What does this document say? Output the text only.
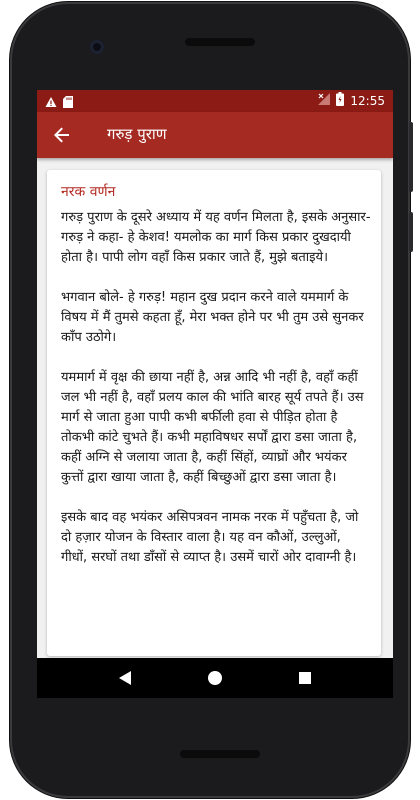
12:55
गरुड़ पुराण
नरक वर्णन

गरुड़ पुराण के दूसरे अध्याय में यह वर्णन मिलता है, इसके अनुसार-गरुड़ ने कहा- हे केशव! यमलोक का मार्ग किस प्रकार दुखदायी होता है। पापी लोग वहाँ किस प्रकार जाते हैं, मुझे बताइये।

भगवान बोले- हे गरुड़! महान दुख प्रदान करने वाले यममार्ग के विषय में मैं तुमसे कहता हूँ, मेरा भक्त होने पर भी तुम उसे सुनकर काँप उठोगे।

यममार्ग में वृक्ष की छाया नहीं है, अन्न आदि भी नहीं है, वहाँ कहीं जल भी नहीं है, वहाँ प्रलय काल की भांति बारह सूर्य तपते हैं। उस मार्ग से जाता हुआ पापी कभी बर्फीली हवा से पीड़ित होता है तोकभी कांटे चुभते हैं। कभी महाविषधर सर्पों द्वारा डसा जाता है, कहीं अग्नि से जलाया जाता है, कहीं सिंहों, व्याघ्रों और भयंकर कुत्तों द्वारा खाया जाता है, कहीं बिच्छुओं द्वारा डसा जाता है।

इसके बाद वह भयंकर असिपत्रवन नामक नरक में पहुँचता है, जो दो हज़ार योजन के विस्तार वाला है। यह वन कौओं, उल्लुओं, गीधों, सरघों तथा डाँसों से व्याप्त है। उसमें चारों ओर दावाग्नी है।
